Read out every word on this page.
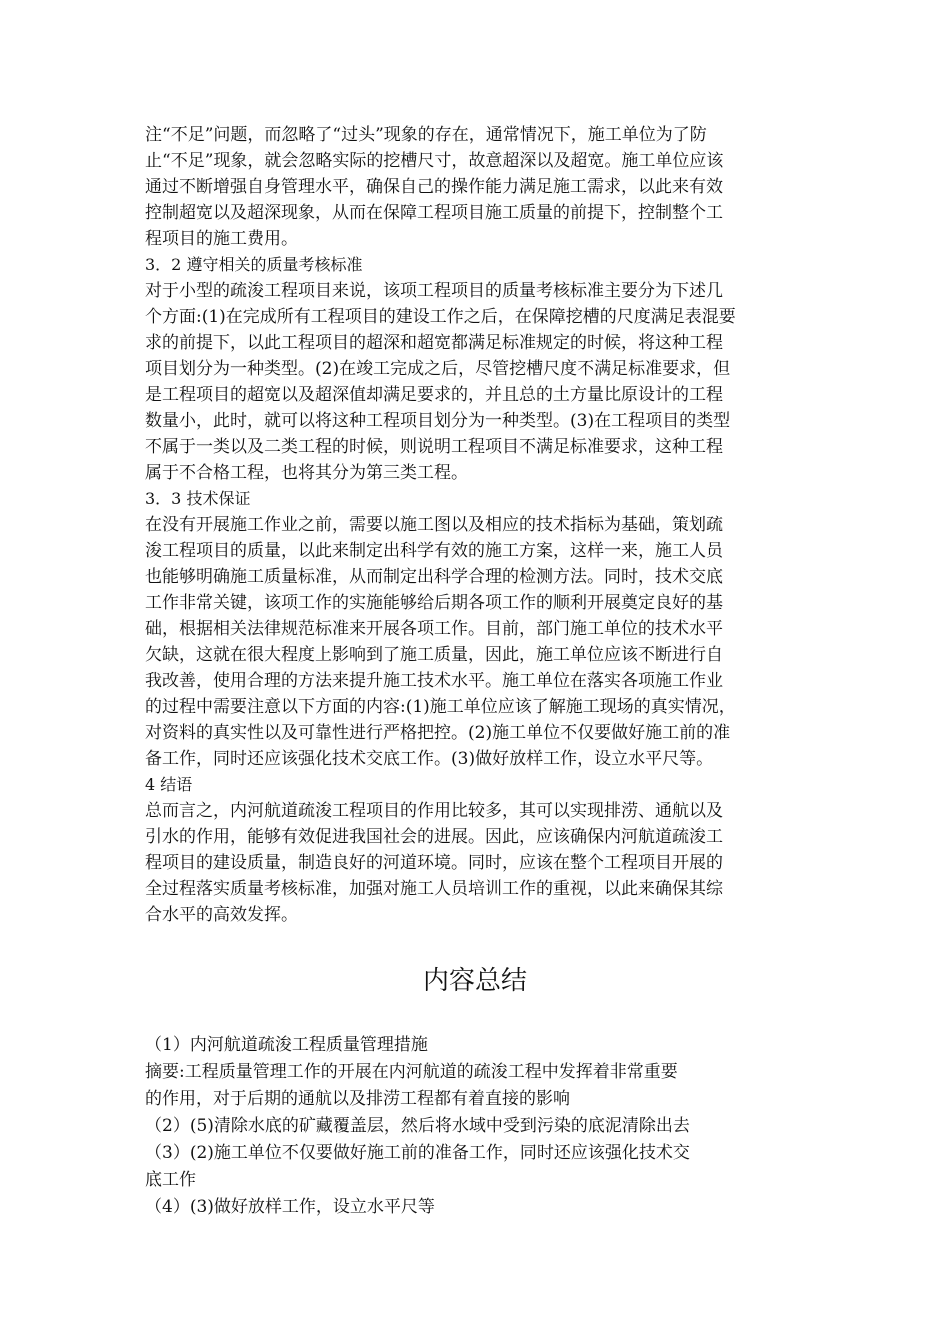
注“不足”问题，而忽略了“过头”现象的存在，通常情况下，施工单位为了防
止“不足”现象，就会忽略实际的挖槽尺寸，故意超深以及超宽。施工单位应该
通过不断增强自身管理水平，确保自己的操作能力满足施工需求，以此来有效
控制超宽以及超深现象，从而在保障工程项目施工质量的前提下，控制整个工
程项目的施工费用。
3．2 遵守相关的质量考核标准
对于小型的疏浚工程项目来说，该项工程项目的质量考核标准主要分为下述几
个方面:(1)在完成所有工程项目的建设工作之后，在保障挖槽的尺度满足表混要
求的前提下，以此工程项目的超深和超宽都满足标准规定的时候，将这种工程
项目划分为一种类型。(2)在竣工完成之后，尽管挖槽尺度不满足标准要求，但
是工程项目的超宽以及超深值却满足要求的，并且总的土方量比原设计的工程
数量小，此时，就可以将这种工程项目划分为一种类型。(3)在工程项目的类型
不属于一类以及二类工程的时候，则说明工程项目不满足标准要求，这种工程
属于不合格工程，也将其分为第三类工程。
3．3 技术保证
在没有开展施工作业之前，需要以施工图以及相应的技术指标为基础，策划疏
浚工程项目的质量，以此来制定出科学有效的施工方案，这样一来，施工人员
也能够明确施工质量标准，从而制定出科学合理的检测方法。同时，技术交底
工作非常关键，该项工作的实施能够给后期各项工作的顺利开展奠定良好的基
础，根据相关法律规范标准来开展各项工作。目前，部门施工单位的技术水平
欠缺，这就在很大程度上影响到了施工质量，因此，施工单位应该不断进行自
我改善，使用合理的方法来提升施工技术水平。施工单位在落实各项施工作业
的过程中需要注意以下方面的内容:(1)施工单位应该了解施工现场的真实情况，
对资料的真实性以及可靠性进行严格把控。(2)施工单位不仅要做好施工前的准
备工作，同时还应该强化技术交底工作。(3)做好放样工作，设立水平尺等。
4 结语
总而言之，内河航道疏浚工程项目的作用比较多，其可以实现排涝、通航以及
引水的作用，能够有效促进我国社会的进展。因此，应该确保内河航道疏浚工
程项目的建设质量，制造良好的河道环境。同时，应该在整个工程项目开展的
全过程落实质量考核标准，加强对施工人员培训工作的重视，以此来确保其综
合水平的高效发挥。
内容总结
（1）内河航道疏浚工程质量管理措施
摘要:工程质量管理工作的开展在内河航道的疏浚工程中发挥着非常重要
的作用，对于后期的通航以及排涝工程都有着直接的影响
（2）(5)清除水底的矿藏覆盖层，然后将水域中受到污染的底泥清除出去
（3）(2)施工单位不仅要做好施工前的准备工作，同时还应该强化技术交
底工作
（4）(3)做好放样工作，设立水平尺等
